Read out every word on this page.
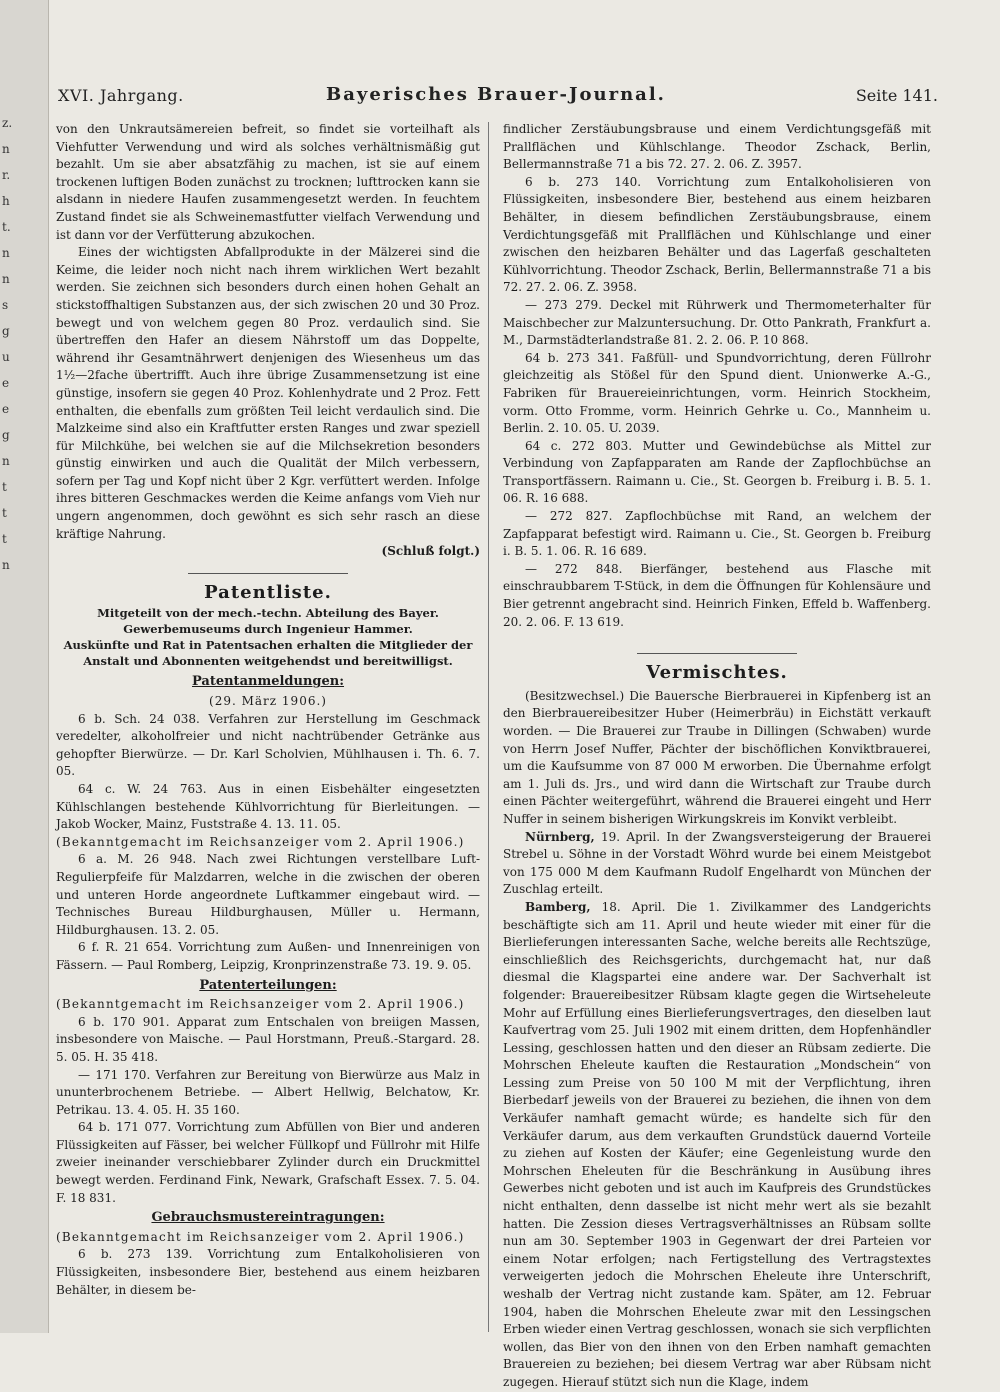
z.
n
r.
h
t.
n
n
s
g
u
e
e
g
n
t
t
t
n
XVI. Jahrgang.	Bayerisches Brauer-Journal.	Seite 141.

von den Unkrautsämereien befreit, so findet sie vorteilhaft als Viehfutter Verwendung und wird als solches verhältnismäßig gut bezahlt. Um sie aber absatzfähig zu machen, ist sie auf einem trockenen luftigen Boden zunächst zu trocknen; lufttrocken kann sie alsdann in niedere Haufen zusammengesetzt werden. In feuchtem Zustand findet sie als Schweinemastfutter vielfach Verwendung und ist dann vor der Verfütterung abzukochen.

Eines der wichtigsten Abfallprodukte in der Mälzerei sind die Keime, die leider noch nicht nach ihrem wirklichen Wert bezahlt werden. Sie zeichnen sich besonders durch einen hohen Gehalt an stickstoffhaltigen Substanzen aus, der sich zwischen 20 und 30 Proz. bewegt und von welchem gegen 80 Proz. verdaulich sind. Sie übertreffen den Hafer an diesem Nährstoff um das Doppelte, während ihr Gesamtnährwert denjenigen des Wiesenheus um das 1½—2fache übertrifft. Auch ihre übrige Zusammensetzung ist eine günstige, insofern sie gegen 40 Proz. Kohlenhydrate und 2 Proz. Fett enthalten, die ebenfalls zum größten Teil leicht verdaulich sind. Die Malzkeime sind also ein Kraftfutter ersten Ranges und zwar speziell für Milchkühe, bei welchen sie auf die Milchsekretion besonders günstig einwirken und auch die Qualität der Milch verbessern, sofern per Tag und Kopf nicht über 2 Kgr. verfüttert werden. Infolge ihres bitteren Geschmackes werden die Keime anfangs vom Vieh nur ungern angenommen, doch gewöhnt es sich sehr rasch an diese kräftige Nahrung.

(Schluß folgt.)

Patentliste.
Mitgeteilt von der mech.-techn. Abteilung des Bayer. Gewerbemuseums durch Ingenieur Hammer.
Auskünfte und Rat in Patentsachen erhalten die Mitglieder der Anstalt und Abonnenten weitgehendst und bereitwilligst.
Patentanmeldungen:
(29. März 1906.)

6 b. Sch. 24 038. Verfahren zur Herstellung im Geschmack veredelter, alkoholfreier und nicht nachtrübender Getränke aus gehopfter Bierwürze. — Dr. Karl Scholvien, Mühlhausen i. Th. 6. 7. 05.

64 c. W. 24 763. Aus in einen Eisbehälter eingesetzten Kühlschlangen bestehende Kühlvorrichtung für Bierleitungen. — Jakob Wocker, Mainz, Fuststraße 4. 13. 11. 05.

(Bekanntgemacht im Reichsanzeiger vom 2. April 1906.)

6 a. M. 26 948. Nach zwei Richtungen verstellbare Luft-Regulierpfeife für Malzdarren, welche in die zwischen der oberen und unteren Horde angeordnete Luftkammer eingebaut wird. — Technisches Bureau Hildburghausen, Müller u. Hermann, Hildburghausen. 13. 2. 05.

6 f. R. 21 654. Vorrichtung zum Außen- und Innenreinigen von Fässern. — Paul Romberg, Leipzig, Kronprinzenstraße 73. 19. 9. 05.

Patenterteilungen:

(Bekanntgemacht im Reichsanzeiger vom 2. April 1906.)

6 b. 170 901. Apparat zum Entschalen von breiigen Massen, insbesondere von Maische. — Paul Horstmann, Preuß.-Stargard. 28. 5. 05. H. 35 418.

— 171 170. Verfahren zur Bereitung von Bierwürze aus Malz in ununterbrochenem Betriebe. — Albert Hellwig, Belchatow, Kr. Petrikau. 13. 4. 05. H. 35 160.

64 b. 171 077. Vorrichtung zum Abfüllen von Bier und anderen Flüssigkeiten auf Fässer, bei welcher Füllkopf und Füllrohr mit Hilfe zweier ineinander verschiebbarer Zylinder durch ein Druckmittel bewegt werden. Ferdinand Fink, Newark, Grafschaft Essex. 7. 5. 04. F. 18 831.

Gebrauchsmustereintragungen:

(Bekanntgemacht im Reichsanzeiger vom 2. April 1906.)

6 b. 273 139. Vorrichtung zum Entalkoholisieren von Flüssigkeiten, insbesondere Bier, bestehend aus einem heizbaren Behälter, in diesem be-

findlicher Zerstäubungsbrause und einem Verdichtungsgefäß mit Prallflächen und Kühlschlange. Theodor Zschack, Berlin, Bellermannstraße 71 a bis 72. 27. 2. 06. Z. 3957.

6 b. 273 140. Vorrichtung zum Entalkoholisieren von Flüssigkeiten, insbesondere Bier, bestehend aus einem heizbaren Behälter, in diesem befindlichen Zerstäubungsbrause, einem Verdichtungsgefäß mit Prallflächen und Kühlschlange und einer zwischen den heizbaren Behälter und das Lagerfaß geschalteten Kühlvorrichtung. Theodor Zschack, Berlin, Bellermannstraße 71 a bis 72. 27. 2. 06. Z. 3958.

— 273 279. Deckel mit Rührwerk und Thermometerhalter für Maischbecher zur Malzuntersuchung. Dr. Otto Pankrath, Frankfurt a. M., Darmstädterlandstraße 81. 2. 2. 06. P. 10 868.

64 b. 273 341. Faßfüll- und Spundvorrichtung, deren Füllrohr gleichzeitig als Stößel für den Spund dient. Unionwerke A.-G., Fabriken für Brauereieinrichtungen, vorm. Heinrich Stockheim, vorm. Otto Fromme, vorm. Heinrich Gehrke u. Co., Mannheim u. Berlin. 2. 10. 05. U. 2039.

64 c. 272 803. Mutter und Gewindebüchse als Mittel zur Verbindung von Zapfapparaten am Rande der Zapflochbüchse an Transportfässern. Raimann u. Cie., St. Georgen b. Freiburg i. B. 5. 1. 06. R. 16 688.

— 272 827. Zapflochbüchse mit Rand, an welchem der Zapfapparat befestigt wird. Raimann u. Cie., St. Georgen b. Freiburg i. B. 5. 1. 06. R. 16 689.

— 272 848. Bierfänger, bestehend aus Flasche mit einschraubbarem T-Stück, in dem die Öffnungen für Kohlensäure und Bier getrennt angebracht sind. Heinrich Finken, Effeld b. Waffenberg. 20. 2. 06. F. 13 619.

Vermischtes.

(Besitzwechsel.) Die Bauersche Bierbrauerei in Kipfenberg ist an den Bierbrauereibesitzer Huber (Heimerbräu) in Eichstätt verkauft worden. — Die Brauerei zur Traube in Dillingen (Schwaben) wurde von Herrn Josef Nuffer, Pächter der bischöflichen Konviktbrauerei, um die Kaufsumme von 87 000 M erworben. Die Übernahme erfolgt am 1. Juli ds. Jrs., und wird dann die Wirtschaft zur Traube durch einen Pächter weitergeführt, während die Brauerei eingeht und Herr Nuffer in seinem bisherigen Wirkungskreis im Konvikt verbleibt.

Nürnberg, 19. April. In der Zwangsversteigerung der Brauerei Strebel u. Söhne in der Vorstadt Wöhrd wurde bei einem Meistgebot von 175 000 M dem Kaufmann Rudolf Engelhardt von München der Zuschlag erteilt.

Bamberg, 18. April. Die 1. Zivilkammer des Landgerichts beschäftigte sich am 11. April und heute wieder mit einer für die Bierlieferungen interessanten Sache, welche bereits alle Rechtszüge, einschließlich des Reichsgerichts, durchgemacht hat, nur daß diesmal die Klagspartei eine andere war. Der Sachverhalt ist folgender: Brauereibesitzer Rübsam klagte gegen die Wirtseheleute Mohr auf Erfüllung eines Bierlieferungsvertrages, den dieselben laut Kaufvertrag vom 25. Juli 1902 mit einem dritten, dem Hopfenhändler Lessing, geschlossen hatten und den dieser an Rübsam zedierte. Die Mohrschen Eheleute kauften die Restauration „Mondschein“ von Lessing zum Preise von 50 100 M mit der Verpflichtung, ihren Bierbedarf jeweils von der Brauerei zu beziehen, die ihnen von dem Verkäufer namhaft gemacht würde; es handelte sich für den Verkäufer darum, aus dem verkauften Grundstück dauernd Vorteile zu ziehen auf Kosten der Käufer; eine Gegenleistung wurde den Mohrschen Eheleuten für die Beschränkung in Ausübung ihres Gewerbes nicht geboten und ist auch im Kaufpreis des Grundstückes nicht enthalten, denn dasselbe ist nicht mehr wert als sie bezahlt hatten. Die Zession dieses Vertragsverhältnisses an Rübsam sollte nun am 30. September 1903 in Gegenwart der drei Parteien vor einem Notar erfolgen; nach Fertigstellung des Vertragstextes verweigerten jedoch die Mohrschen Eheleute ihre Unterschrift, weshalb der Vertrag nicht zustande kam. Später, am 12. Februar 1904, haben die Mohrschen Eheleute zwar mit den Lessingschen Erben wieder einen Vertrag geschlossen, wonach sie sich verpflichten wollen, das Bier von den ihnen von den Erben namhaft gemachten Brauereien zu beziehen; bei diesem Vertrag war aber Rübsam nicht zugegen. Hierauf stützt sich nun die Klage, indem
